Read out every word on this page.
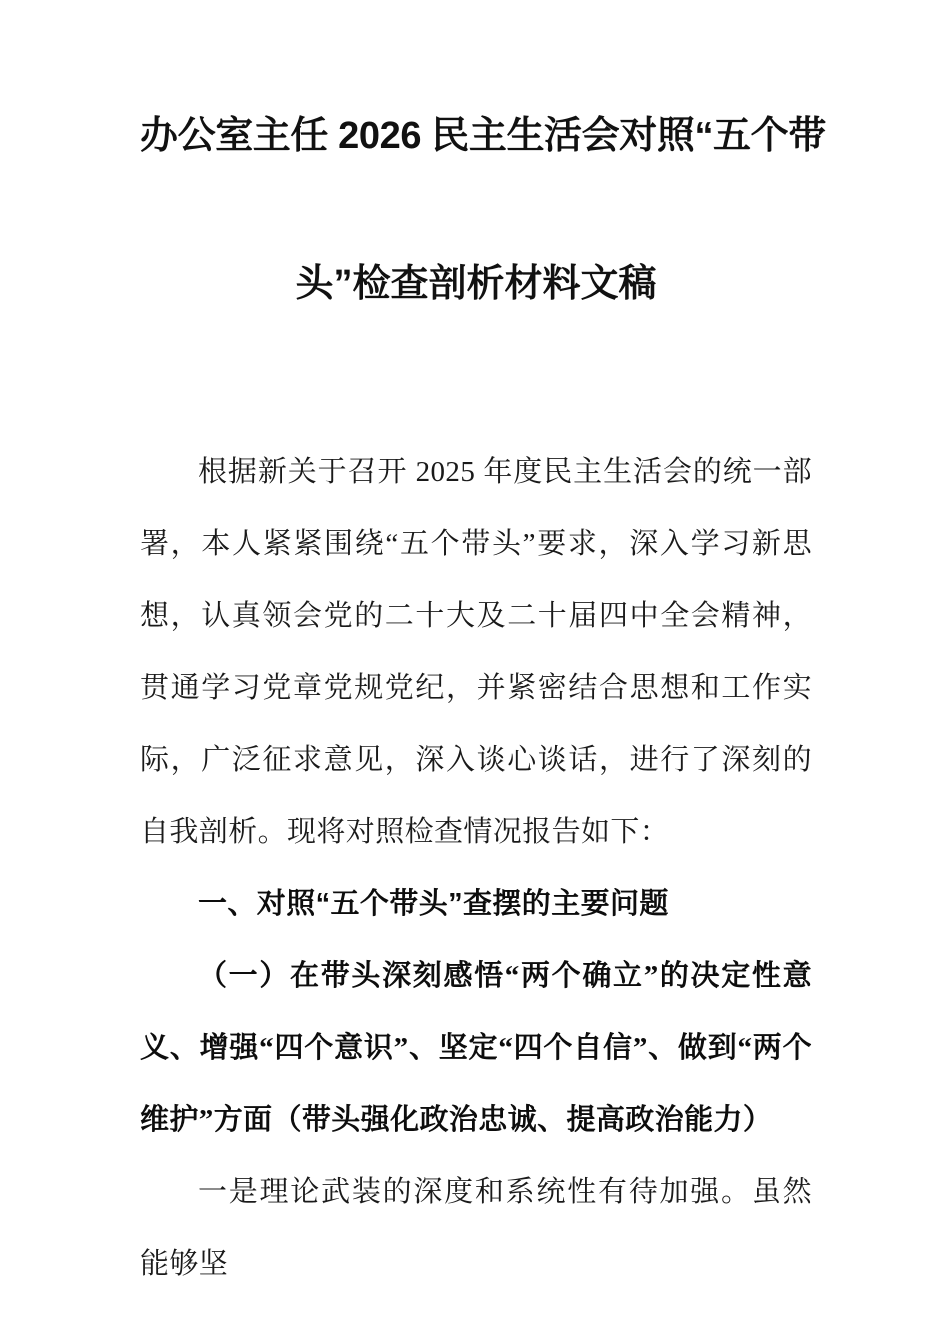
办公室主任 2026 民主生活会对照“五个带
头”检查剖析材料文稿

根据新关于召开 2025 年度民主生活会的统一部署，本人紧紧围绕“五个带头”要求，深入学习新思想，认真领会党的二十大及二十届四中全会精神，贯通学习党章党规党纪，并紧密结合思想和工作实际，广泛征求意见，深入谈心谈话，进行了深刻的自我剖析。现将对照检查情况报告如下：

一、对照“五个带头”查摆的主要问题

（一）在带头深刻感悟“两个确立”的决定性意义、增强“四个意识”、坚定“四个自信”、做到“两个维护”方面（带头强化政治忠诚、提高政治能力）

一是理论武装的深度和系统性有待加强。虽然能够坚
